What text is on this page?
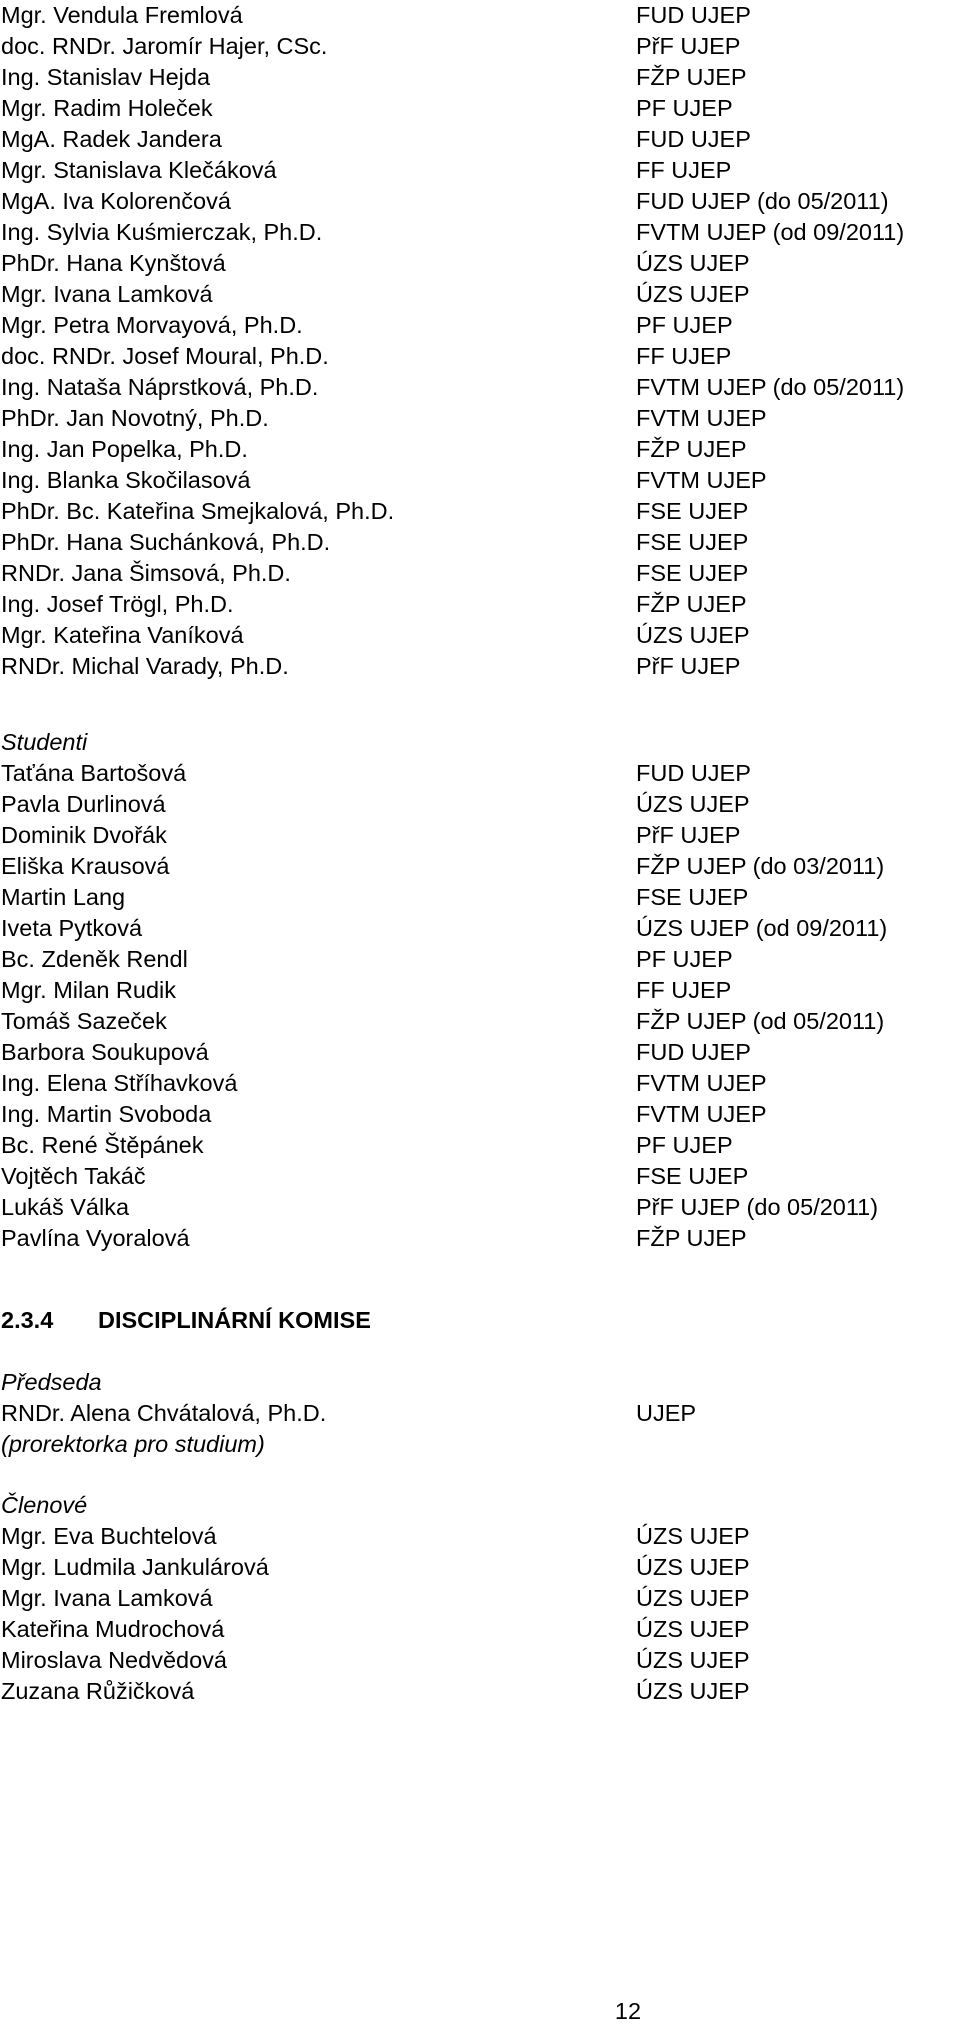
Mgr. Vendula Fremlová	FUD UJEP
doc. RNDr. Jaromír Hajer, CSc.	PřF UJEP
Ing. Stanislav Hejda	FŽP UJEP
Mgr. Radim Holeček	PF UJEP
MgA. Radek Jandera	FUD UJEP
Mgr. Stanislava Klečáková	FF UJEP
MgA. Iva Kolorenčová	FUD UJEP (do 05/2011)
Ing. Sylvia Kuśmierczak, Ph.D.	FVTM UJEP (od 09/2011)
PhDr. Hana Kynštová	ÚZS UJEP
Mgr. Ivana Lamková	ÚZS UJEP
Mgr. Petra Morvayová, Ph.D.	PF UJEP
doc. RNDr. Josef Moural, Ph.D.	FF UJEP
Ing. Nataša Náprstková, Ph.D.	FVTM UJEP (do 05/2011)
PhDr. Jan Novotný, Ph.D.	FVTM UJEP
Ing. Jan Popelka, Ph.D.	FŽP UJEP
Ing. Blanka Skočilasová	FVTM UJEP
PhDr. Bc. Kateřina Smejkalová, Ph.D.	FSE UJEP
PhDr. Hana Suchánková, Ph.D.	FSE UJEP
RNDr. Jana Šimsová, Ph.D.	FSE UJEP
Ing. Josef Trögl, Ph.D.	FŽP UJEP
Mgr. Kateřina Vaníková	ÚZS UJEP
RNDr. Michal Varady, Ph.D.	PřF UJEP
Studenti
Taťána Bartošová	FUD UJEP
Pavla Durlinová	ÚZS UJEP
Dominik Dvořák	PřF UJEP
Eliška Krausová	FŽP UJEP (do 03/2011)
Martin Lang	FSE UJEP
Iveta Pytková	ÚZS UJEP (od 09/2011)
Bc. Zdeněk Rendl	PF UJEP
Mgr. Milan Rudik	FF UJEP
Tomáš Sazeček	FŽP UJEP (od 05/2011)
Barbora Soukupová	FUD UJEP
Ing. Elena Stříhavková	FVTM UJEP
Ing. Martin Svoboda	FVTM UJEP
Bc. René Štěpánek	PF UJEP
Vojtěch Takáč	FSE UJEP
Lukáš Válka	PřF UJEP (do 05/2011)
Pavlína Vyoralová	FŽP UJEP
2.3.4 DISCIPLINÁRNÍ KOMISE
Předseda
RNDr. Alena Chvátalová, Ph.D.	UJEP
(prorektorka pro studium)
Členové
Mgr. Eva Buchtelová	ÚZS UJEP
Mgr. Ludmila Jankulárová	ÚZS UJEP
Mgr. Ivana Lamková	ÚZS UJEP
Kateřina Mudrochová	ÚZS UJEP
Miroslava Nedvědová	ÚZS UJEP
Zuzana Růžičková	ÚZS UJEP
12
